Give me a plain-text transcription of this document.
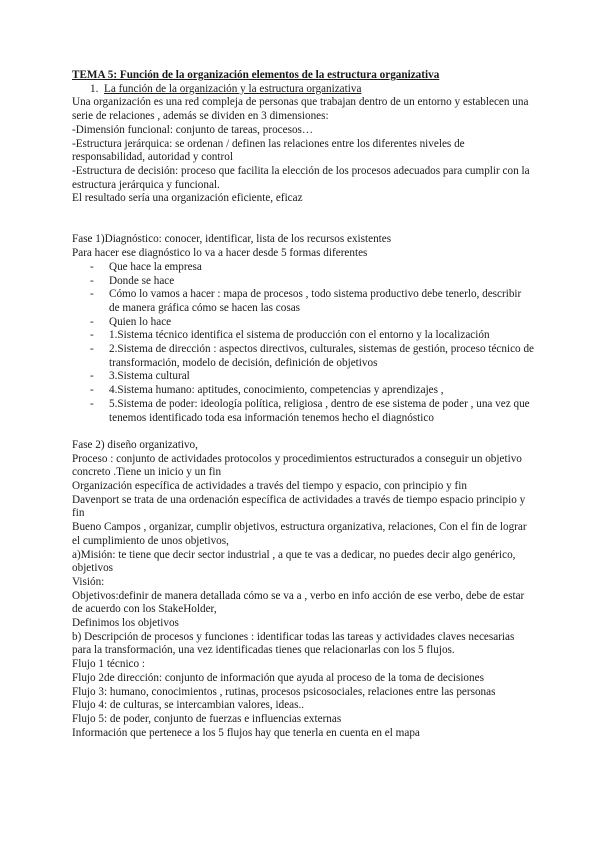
TEMA 5: Función de la organización elementos de la estructura organizativa

1. La función de la organización y la estructura organizativa

Una organización es una red compleja de personas que trabajan dentro de un entorno y establecen una serie de relaciones , además se dividen en 3 dimensiones:

-Dimensión funcional: conjunto de tareas, procesos…

-Estructura jerárquica: se ordenan / definen las relaciones entre los diferentes niveles de responsabilidad, autoridad y control

-Estructura de decisión: proceso que facilita la elección de los procesos adecuados para cumplir con la estructura jerárquica y funcional.

El resultado sería una organización eficiente, eficaz

Fase 1)Diagnóstico: conocer, identificar, lista de los recursos existentes

Para hacer ese diagnóstico lo va a hacer desde 5 formas diferentes

- Que hace la empresa
- Donde se hace
- Cómo lo vamos a hacer : mapa de procesos , todo sistema productivo debe tenerlo, describir de manera gráfica cómo se hacen las cosas
- Quien lo hace
- 1.Sistema técnico identifica el sistema de producción con el entorno y la localización
- 2.Sistema de dirección : aspectos directivos, culturales, sistemas de gestión, proceso técnico de transformación, modelo de decisión, definición de objetivos
- 3.Sistema cultural
- 4.Sistema humano: aptitudes, conocimiento, competencias y aprendizajes ,
- 5.Sistema de poder: ideología política, religiosa , dentro de ese sistema de poder , una vez que tenemos identificado toda esa información tenemos hecho el diagnóstico

Fase 2) diseño organizativo,

Proceso : conjunto de actividades protocolos y procedimientos estructurados a conseguir un objetivo concreto .Tiene un inicio y un fin

Organización específica de actividades a través del tiempo y espacio, con principio y fin

Davenport se trata de una ordenación específica de actividades a través de tiempo espacio principio y fin

Bueno Campos , organizar, cumplir objetivos, estructura organizativa, relaciones, Con el fin de lograr el cumplimiento de unos objetivos,

a)Misión: te tiene que decir sector industrial , a que te vas a dedicar, no puedes decir algo genérico, objetivos

Visión:

Objetivos:definir de manera detallada cómo se va a , verbo en info acción de ese verbo, debe de estar de acuerdo con los StakeHolder,

Definimos los objetivos

b) Descripción de procesos y funciones : identificar todas las tareas y actividades claves necesarias para la transformación, una vez identificadas tienes que relacionarlas con los 5 flujos.

Flujo 1 técnico :

Flujo 2de dirección: conjunto de información que ayuda al proceso de la toma de decisiones

Flujo 3: humano, conocimientos , rutinas, procesos psicosociales, relaciones entre las personas

Flujo 4: de culturas, se intercambian valores, ideas..

Flujo 5: de poder, conjunto de fuerzas e influencias externas

Información que pertenece a los 5 flujos hay que tenerla en cuenta en el mapa
